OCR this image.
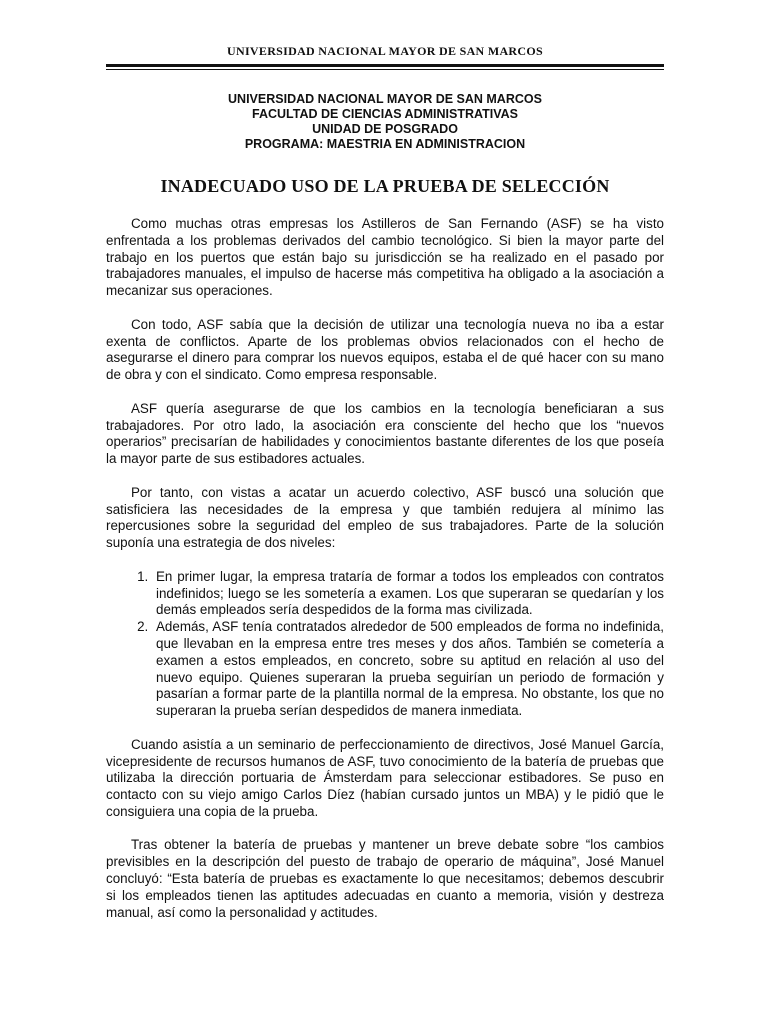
UNIVERSIDAD NACIONAL MAYOR DE SAN MARCOS
UNIVERSIDAD NACIONAL MAYOR DE SAN MARCOS
FACULTAD DE CIENCIAS ADMINISTRATIVAS
UNIDAD DE POSGRADO
PROGRAMA: MAESTRIA EN ADMINISTRACION
INADECUADO USO DE LA PRUEBA DE SELECCIÓN

Como muchas otras empresas los Astilleros de San Fernando (ASF) se ha visto enfrentada a los problemas derivados del cambio tecnológico. Si bien la mayor parte del trabajo en los puertos que están bajo su jurisdicción se ha realizado en el pasado por trabajadores manuales, el impulso de hacerse más competitiva ha obligado a la asociación a mecanizar sus operaciones.

Con todo, ASF sabía que la decisión de utilizar una tecnología nueva no iba a estar exenta de conflictos. Aparte de los problemas obvios relacionados con el hecho de asegurarse el dinero para comprar los nuevos equipos, estaba el de qué hacer con su mano de obra y con el sindicato. Como empresa responsable.

ASF quería asegurarse de que los cambios en la tecnología beneficiaran a sus trabajadores. Por otro lado, la asociación era consciente del hecho que los “nuevos operarios” precisarían de habilidades y conocimientos bastante diferentes de los que poseía la mayor parte de sus estibadores actuales.

Por tanto, con vistas a acatar un acuerdo colectivo, ASF buscó una solución que satisficiera las necesidades de la empresa y que también redujera al mínimo las repercusiones sobre la seguridad del empleo de sus trabajadores. Parte de la solución suponía una estrategia de dos niveles:

1. En primer lugar, la empresa trataría de formar a todos los empleados con contratos indefinidos; luego se les sometería a examen. Los que superaran se quedarían y los demás empleados sería despedidos de la forma mas civilizada.
2. Además, ASF tenía contratados alrededor de 500 empleados de forma no indefinida, que llevaban en la empresa entre tres meses y dos años. También se cometería a examen a estos empleados, en concreto, sobre su aptitud en relación al uso del nuevo equipo. Quienes superaran la prueba seguirían un periodo de formación y pasarían a formar parte de la plantilla normal de la empresa. No obstante, los que no superaran la prueba serían despedidos de manera inmediata.

Cuando asistía a un seminario de perfeccionamiento de directivos, José Manuel García, vicepresidente de recursos humanos de ASF, tuvo conocimiento de la batería de pruebas que utilizaba la dirección portuaria de Ámsterdam para seleccionar estibadores. Se puso en contacto con su viejo amigo Carlos Díez (habían cursado juntos un MBA) y le pidió que le consiguiera una copia de la prueba.

Tras obtener la batería de pruebas y mantener un breve debate sobre “los cambios previsibles en la descripción del puesto de trabajo de operario de máquina”, José Manuel concluyó: “Esta batería de pruebas es exactamente lo que necesitamos; debemos descubrir si los empleados tienen las aptitudes adecuadas en cuanto a memoria, visión y destreza manual, así como la personalidad y actitudes.
